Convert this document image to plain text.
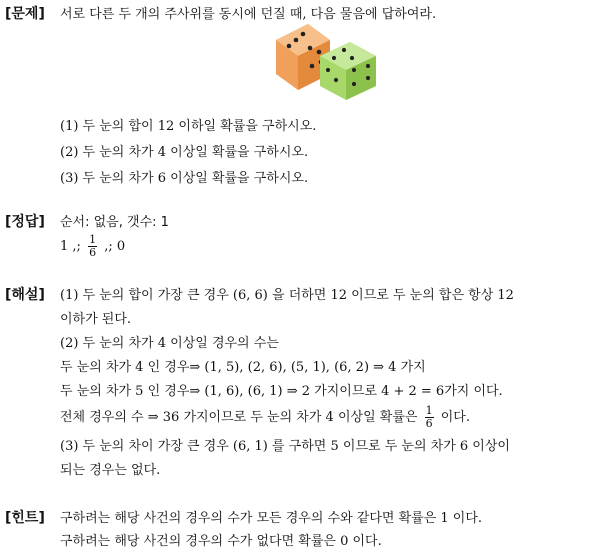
[문제] 서로 다른 두 개의 주사위를 동시에 던질 때, 다음 물음에 답하여라.
(1) 두 눈의 합이 12 이하일 확률을 구하시오.
(2) 두 눈의 차가 4 이상일 확률을 구하시오.
(3) 두 눈의 차가 6 이상일 확률을 구하시오.
[정답] 순서: 없음, 갯수: 1
1 ,; $\frac{1}{6}$ ,; 0
[해설] (1) 두 눈의 합이 가장 큰 경우 (6, 6) 을 더하면 12 이므로 두 눈의 합은 항상 12
이하가 된다.
(2) 두 눈의 차가 4 이상일 경우의 수는
두 눈의 차가 4 인 경우⇒ (1, 5), (2, 6), (5, 1), (6, 2) ⇒ 4 가지
두 눈의 차가 5 인 경우⇒ (1, 6), (6, 1) ⇒ 2 가지이므로 4 + 2 = 6가지 이다.
전체 경우의 수 ⇒ 36 가지이므로 두 눈의 차가 4 이상일 확률은 $\frac{1}{6}$ 이다.
(3) 두 눈의 차이 가장 큰 경우 (6, 1) 를 구하면 5 이므로 두 눈의 차가 6 이상이
되는 경우는 없다.
[힌트] 구하려는 해당 사건의 경우의 수가 모든 경우의 수와 같다면 확률은 1 이다.
구하려는 해당 사건의 경우의 수가 없다면 확률은 0 이다.
